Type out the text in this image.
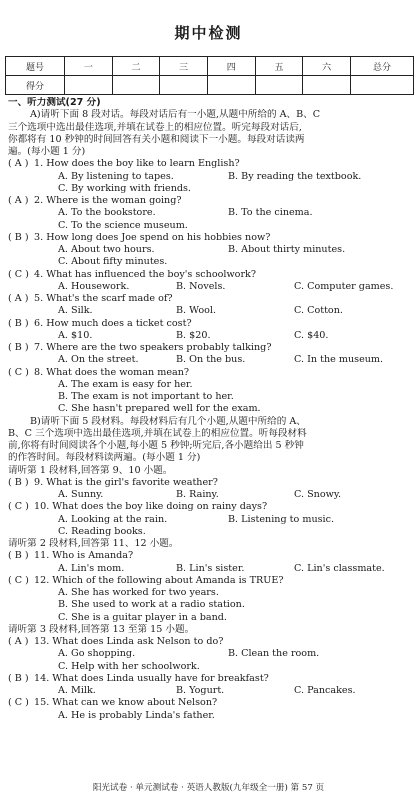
期中检测
题号	一	二	三	四	五	六	总分
得分							
一、听力测试(27 分)
A)请听下面 8 段对话。每段对话后有一小题,从题中所给的 A、B、C
三个选项中选出最佳选项,并填在试卷上的相应位置。听完每段对话后,
你都将有 10 秒钟的时间回答有关小题和阅读下一小题。每段对话读两
遍。(每小题 1 分)
( A ) 1. How does the boy like to learn English?
A. By listening to tapes.	B. By reading the textbook.
C. By working with friends.
( A ) 2. Where is the woman going?
A. To the bookstore.	B. To the cinema.
C. To the science museum.
( B ) 3. How long does Joe spend on his hobbies now?
A. About two hours.	B. About thirty minutes.
C. About fifty minutes.
( C ) 4. What has influenced the boy's schoolwork?
A. Housework.	B. Novels.	C. Computer games.
( A ) 5. What's the scarf made of?
A. Silk.	B. Wool.	C. Cotton.
( B ) 6. How much does a ticket cost?
A. $10.	B. $20.	C. $40.
( B ) 7. Where are the two speakers probably talking?
A. On the street.	B. On the bus.	C. In the museum.
( C ) 8. What does the woman mean?
A. The exam is easy for her.
B. The exam is not important to her.
C. She hasn't prepared well for the exam.
B)请听下面 5 段材料。每段材料后有几个小题,从题中所给的 A、
B、C 三个选项中选出最佳选项,并填在试卷上的相应位置。听每段材料
前,你将有时间阅读各个小题,每小题 5 秒钟;听完后,各小题给出 5 秒钟
的作答时间。每段材料读两遍。(每小题 1 分)
请听第 1 段材料,回答第 9、10 小题。
( B ) 9. What is the girl's favorite weather?
A. Sunny.	B. Rainy.	C. Snowy.
( C ) 10. What does the boy like doing on rainy days?
A. Looking at the rain.	B. Listening to music.
C. Reading books.
请听第 2 段材料,回答第 11、12 小题。
( B ) 11. Who is Amanda?
A. Lin's mom.	B. Lin's sister.	C. Lin's classmate.
( C ) 12. Which of the following about Amanda is TRUE?
A. She has worked for two years.
B. She used to work at a radio station.
C. She is a guitar player in a band.
请听第 3 段材料,回答第 13 至第 15 小题。
( A ) 13. What does Linda ask Nelson to do?
A. Go shopping.	B. Clean the room.
C. Help with her schoolwork.
( B ) 14. What does Linda usually have for breakfast?
A. Milk.	B. Yogurt.	C. Pancakes.
( C ) 15. What can we know about Nelson?
A. He is probably Linda's father.
阳光试卷 · 单元测试卷 · 英语人教版(九年级全一册) 第 57 页
